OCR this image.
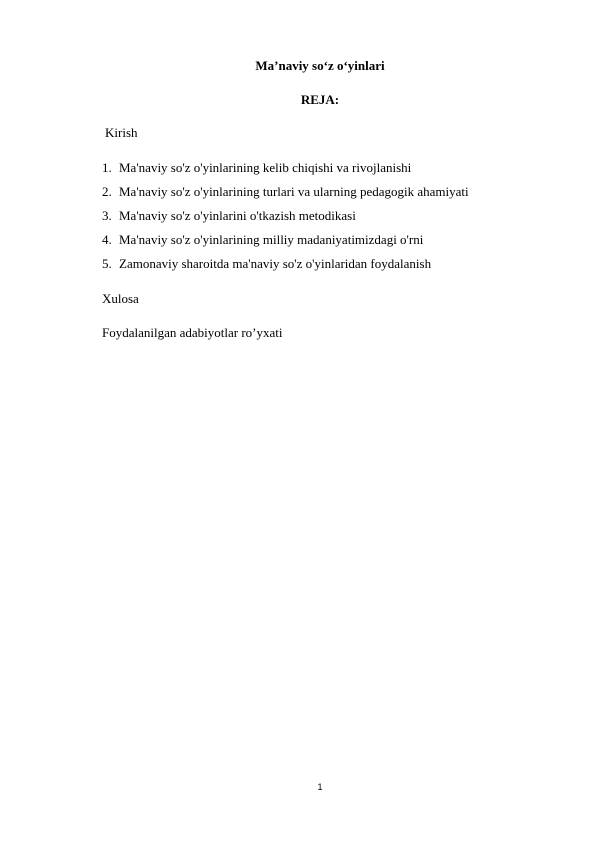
Ma’naviy so‘z o‘yinlari
REJA:
Kirish
1. Ma'naviy so'z o'yinlarining kelib chiqishi va rivojlanishi
2. Ma'naviy so'z o'yinlarining turlari va ularning pedagogik ahamiyati
3. Ma'naviy so'z o'yinlarini o'tkazish metodikasi
4. Ma'naviy so'z o'yinlarining milliy madaniyatimizdagi o'rni
5. Zamonaviy sharoitda ma'naviy so'z o'yinlaridan foydalanish
Xulosa
Foydalanilgan adabiyotlar ro’yxati
1
